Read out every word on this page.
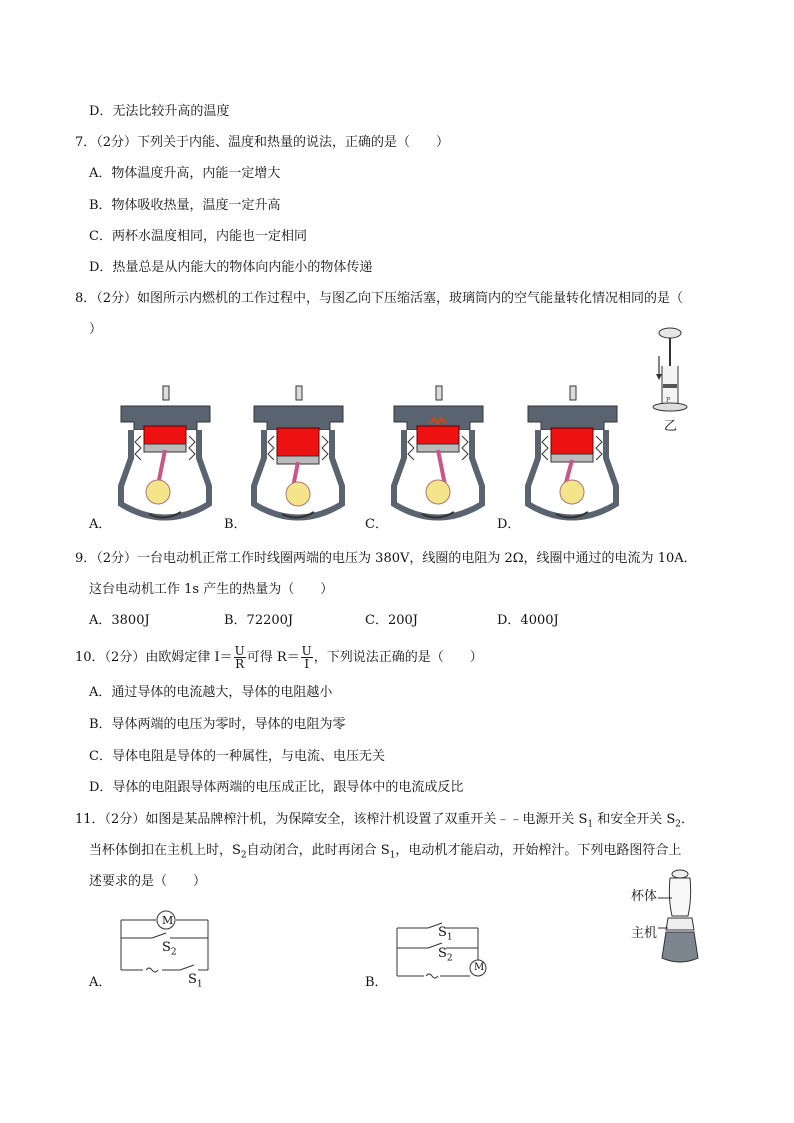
D．无法比较升高的温度
7．（2分）下列关于内能、温度和热量的说法，正确的是（　　）
A．物体温度升高，内能一定增大
B．物体吸收热量，温度一定升高
C．两杯水温度相同，内能也一定相同
D．热量总是从内能大的物体向内能小的物体传递
8．（2分）如图所示内燃机的工作过程中，与图乙向下压缩活塞，玻璃筒内的空气能量转化情况相同的是（
）
P
乙
A．	B．	C．	D．
9．（2分）一台电动机正常工作时线圈两端的电压为 380V，线圈的电阻为 2Ω，线圈中通过的电流为 10A．
这台电动机工作 1s 产生的热量为（　　）
A．3800J	B．72200J	C．200J	D．4000J
10．（2分）由欧姆定律 $I= \frac{U}{R}$ 可得 $R= \frac{U}{I}$ ，下列说法正确的是（　　）
A．通过导体的电流越大，导体的电阻越小
B．导体两端的电压为零时，导体的电阻为零
C．导体电阻是导体的一种属性，与电流、电压无关
D．导体的电阻跟导体两端的电压成正比，跟导体中的电流成反比
11．（2分）如图是某品牌榨汁机，为保障安全，该榨汁机设置了双重开关﹣﹣电源开关 $S_1$ 和安全开关 $S_2$．
当杯体倒扣在主机上时，$S_2$自动闭合，此时再闭合 $S_1$，电动机才能启动，开始榨汁。下列电路图符合上
述要求的是（　　）
杯体
主机
M
$S_2$
$S_1$
A．
$S_1$
$S_2$
M
B．
